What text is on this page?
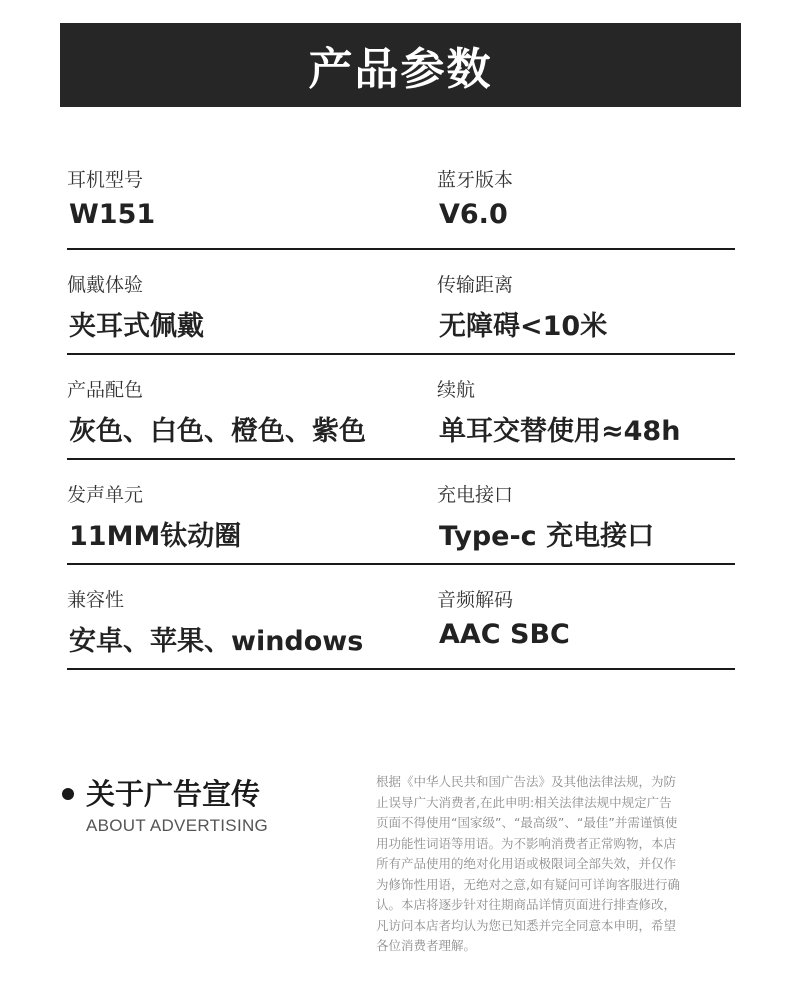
产品参数
耳机型号
W151
蓝牙版本
V6.0
佩戴体验
夹耳式佩戴
传输距离
无障碍<10米
产品配色
灰色、白色、橙色、紫色
续航
单耳交替使用≈48h
发声单元
11MM钛动圈
充电接口
Type-c 充电接口
兼容性
安卓、苹果、windows
音频解码
AAC SBC
关于广告宣传
ABOUT ADVERTISING
根据《中华人民共和国广告法》及其他法律法规，为防止误导广大消费者,在此申明:相关法律法规中规定广告页面不得使用“国家级”、“最高级”、“最佳”并需谨慎使用功能性词语等用语。为不影响消费者正常购物，本店所有产品使用的绝对化用语或极限词全部失效，并仅作为修饰性用语，无绝对之意,如有疑问可详询客服进行确认。本店将逐步针对往期商品详情页面进行排查修改，凡访问本店者均认为您已知悉并完全同意本申明，希望各位消费者理解。
